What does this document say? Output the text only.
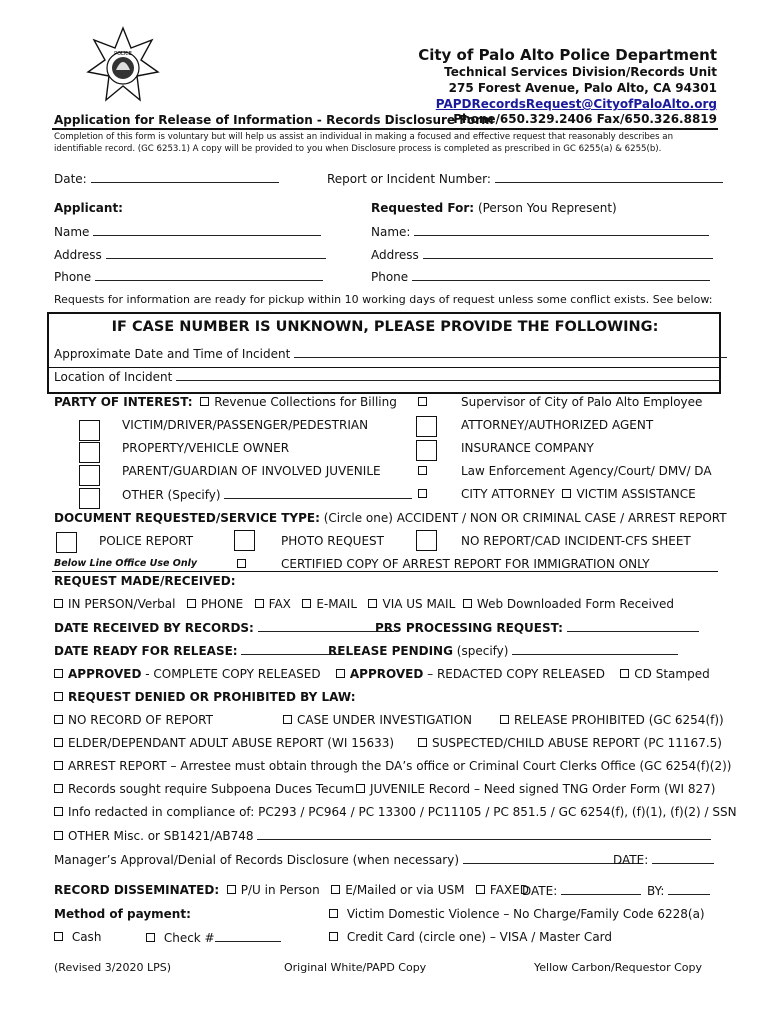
POLICE	City of Palo Alto Police Department
Technical Services Division/Records Unit
275 Forest Avenue, Palo Alto, CA 94301
PAPDRecordsRequest@CityofPaloAlto.org
Phone/650.329.2406 Fax/650.326.8819
Application for Release of Information - Records Disclosure Form
Completion of this form is voluntary but will help us assist an individual in making a focused and effective request that reasonably describes an
identifiable record. (GC 6253.1) A copy will be provided to you when Disclosure process is completed as prescribed in GC 6255(a) & 6255(b).
Date:	Report or Incident Number:
Applicant:
Name
Address
Phone
Requested For: (Person You Represent)
Name:
Address
Phone
Requests for information are ready for pickup within 10 working days of request unless some conflict exists. See below:
IF CASE NUMBER IS UNKNOWN, PLEASE PROVIDE THE FOLLOWING:
Approximate Date and Time of Incident
Location of Incident
PARTY OF INTEREST: Revenue Collections for Billing	Supervisor of City of Palo Alto Employee
VICTIM/DRIVER/PASSENGER/PEDESTRIAN	ATTORNEY/AUTHORIZED AGENT
PROPERTY/VEHICLE OWNER	INSURANCE COMPANY
PARENT/GUARDIAN OF INVOLVED JUVENILE	Law Enforcement Agency/Court/ DMV/ DA
OTHER (Specify)	CITY ATTORNEY VICTIM ASSISTANCE
DOCUMENT REQUESTED/SERVICE TYPE: (Circle one) ACCIDENT / NON OR CRIMINAL CASE / ARREST REPORT
POLICE REPORT	PHOTO REQUEST	NO REPORT/CAD INCIDENT-CFS SHEET
Below Line Office Use Only	CERTIFIED COPY OF ARREST REPORT FOR IMMIGRATION ONLY
REQUEST MADE/RECEIVED:
IN PERSON/Verbal PHONE FAX E-MAIL VIA US MAIL Web Downloaded Form Received
DATE RECEIVED BY RECORDS:	PRS PROCESSING REQUEST:
DATE READY FOR RELEASE:	RELEASE PENDING (specify)
APPROVED - COMPLETE COPY RELEASED APPROVED – REDACTED COPY RELEASED CD Stamped
REQUEST DENIED OR PROHIBITED BY LAW:
NO RECORD OF REPORT	CASE UNDER INVESTIGATION	RELEASE PROHIBITED (GC 6254(f))
ELDER/DEPENDANT ADULT ABUSE REPORT (WI 15633)	SUSPECTED/CHILD ABUSE REPORT (PC 11167.5)
ARREST REPORT – Arrestee must obtain through the DA’s office or Criminal Court Clerks Office (GC 6254(f)(2))
Records sought require Subpoena Duces Tecum	JUVENILE Record – Need signed TNG Order Form (WI 827)
Info redacted in compliance of: PC293 / PC964 / PC 13300 / PC11105 / PC 851.5 / GC 6254(f), (f)(1), (f)(2) / SSN
OTHER Misc. or SB1421/AB748
Manager’s Approval/Denial of Records Disclosure (when necessary)	DATE:
RECORD DISSEMINATED: P/U in Person E/Mailed or via USM FAXED
DATE:	BY:
Method of payment:	Victim Domestic Violence – No Charge/Family Code 6228(a)
Cash	Check #	Credit Card (circle one) – VISA / Master Card
(Revised 3/2020 LPS)	Original White/PAPD Copy	Yellow Carbon/Requestor Copy
